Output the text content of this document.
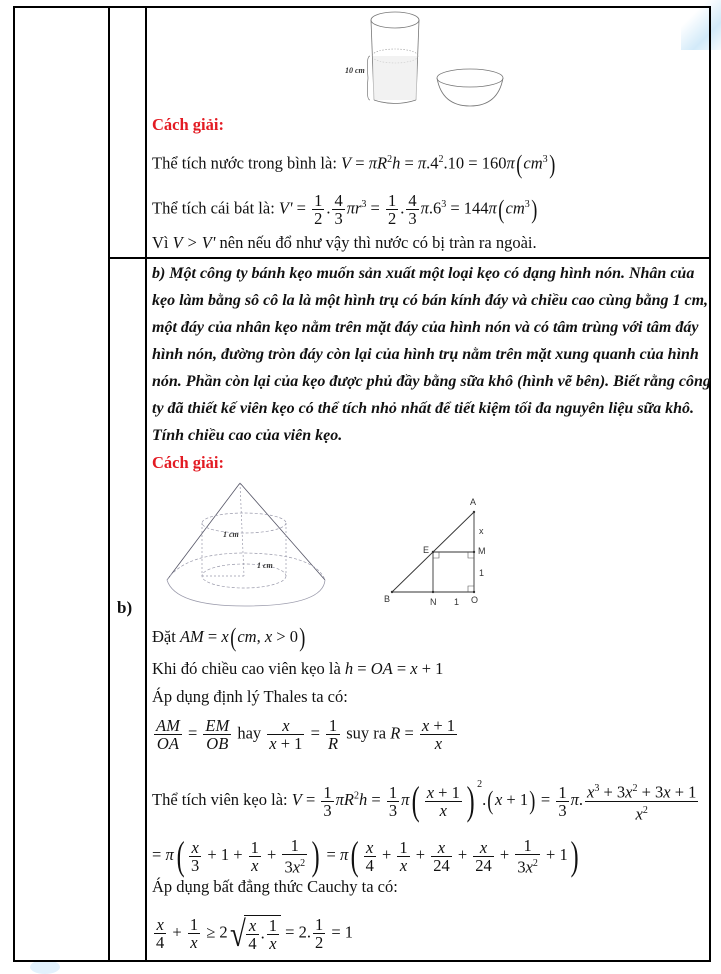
b)
10 cm
Cách giải:
Thể tích nước trong bình là: $V = \pi R^2h = \pi.4^2.10 = 160\pi(cm^3)$
Thể tích cái bát là: $V' = \frac{1}{2}$ . $\frac{4}{3} \pi r^3 = \frac{1}{2}$ . $\frac{4}{3} \pi.6^3 = 144\pi(cm^3)$
Vì V > V' nên nếu đổ như vậy thì nước có bị tràn ra ngoài.
b) Một công ty bánh kẹo muốn sản xuất một loại kẹo có dạng hình nón. Nhân của
kẹo làm bằng sô cô la là một hình trụ có bán kính đáy và chiều cao cùng bằng 1 cm,
một đáy của nhân kẹo nằm trên mặt đáy của hình nón và có tâm trùng với tâm đáy
hình nón, đường tròn đáy còn lại của hình trụ nằm trên mặt xung quanh của hình
nón. Phần còn lại của kẹo được phủ đầy bằng sữa khô (hình vẽ bên). Biết rằng công
ty đã thiết kế viên kẹo có thể tích nhỏ nhất để tiết kiệm tối đa nguyên liệu sữa khô.
Tính chiều cao của viên kẹo.
Cách giải:
1 cm
1 cm
A
x
E	M
1
B	N 1 O
Đặt AM = x(cm, x > 0)
Khi đó chiều cao viên kẹo là h = OA = x + 1
Áp dụng định lý Thales ta có:
$\frac{AM}{OA} = \frac{EM}{OB}$ hay $\frac{x}{x + 1} = \frac{1}{R}$ suy ra $R = \frac{x + 1}{x}$
Thể tích viên kẹo là: $V = \frac{1}{3} \pi R^2h = \frac{1}{3} \pi( \frac{x + 1}{x}$ ) $^2.(x + 1) = \frac{1}{3} \pi$. $\frac{x^3 + 3x^2 + 3x + 1}{x^2}$
= $\pi( \frac{x}{3} + 1 + \frac{1}{x} + \frac{1}{3x^2}$ ) = $\pi( \frac{x}{4} + \frac{1}{x} + \frac{x}{24} + \frac{x}{24} + \frac{1}{3x^2} + 1)$
Áp dụng bất đẳng thức Cauchy ta có:
$\frac{x}{4} + \frac{1}{x} \ge 2√ \frac{x}{4}$ . $\frac{1}{x} = 2$. $\frac{1}{2} = 1$
